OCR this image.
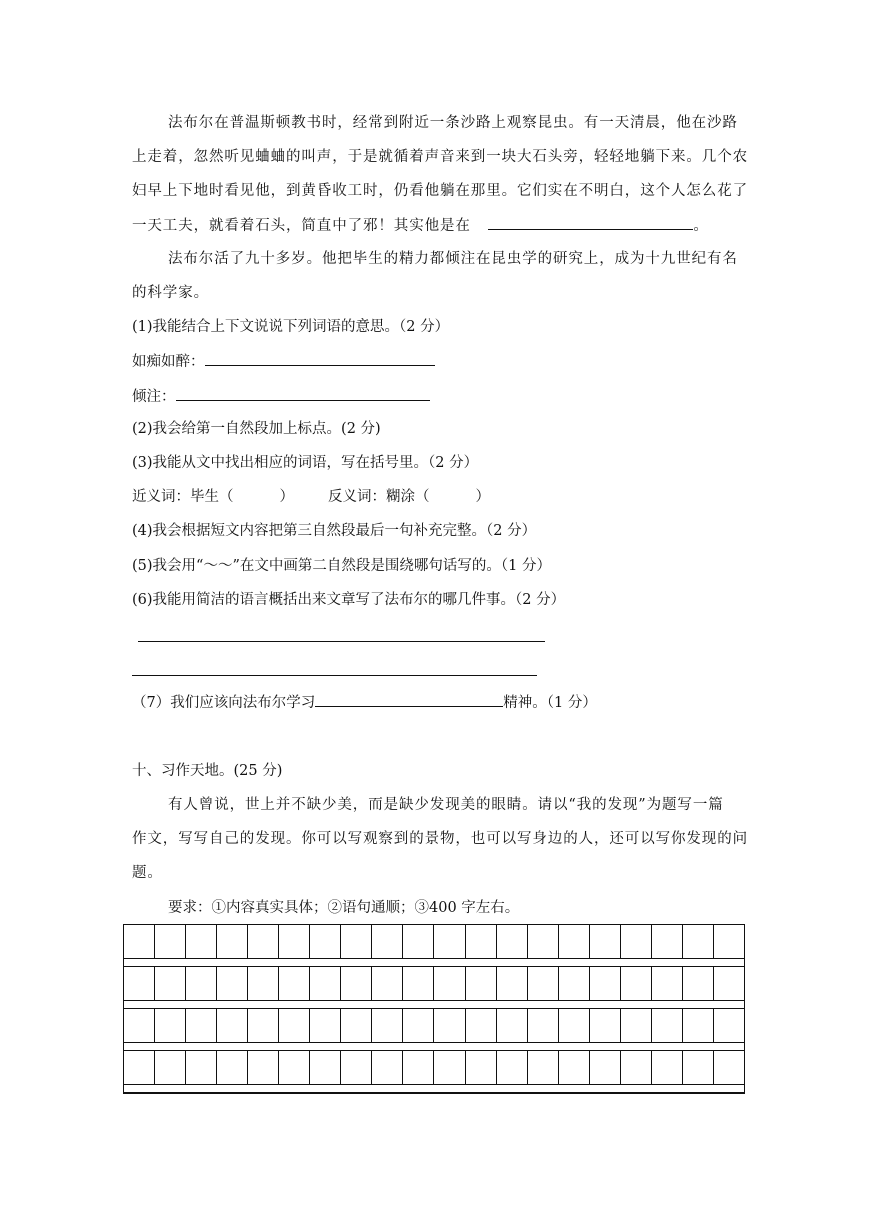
法布尔在普温斯顿教书时，经常到附近一条沙路上观察昆虫。有一天清晨，他在沙路
上走着，忽然听见蛐蛐的叫声，于是就循着声音来到一块大石头旁，轻轻地躺下来。几个农
妇早上下地时看见他，到黄昏收工时，仍看他躺在那里。它们实在不明白，这个人怎么花了
一天工夫，就看着石头，简直中了邪！其实他是在	。
法布尔活了九十多岁。他把毕生的精力都倾注在昆虫学的研究上，成为十九世纪有名
的科学家。
(1)我能结合上下文说说下列词语的意思。（2 分）
如痴如醉：
倾注：
(2)我会给第一自然段加上标点。(2 分)
(3)我能从文中找出相应的词语，写在括号里。（2 分）
近义词：毕生（	） 反义词：糊涂（	）
(4)我会根据短文内容把第三自然段最后一句补充完整。（2 分）
(5)我会用“～～”在文中画第二自然段是围绕哪句话写的。（1 分）
(6)我能用简洁的语言概括出来文章写了法布尔的哪几件事。（2 分）
（7）我们应该向法布尔学习	精神。（1 分）
十、习作天地。(25 分)
有人曾说，世上并不缺少美，而是缺少发现美的眼睛。请以“我的发现”为题写一篇
作文，写写自己的发现。你可以写观察到的景物，也可以写身边的人，还可以写你发现的问
题。
要求：①内容真实具体；②语句通顺；③400 字左右。
